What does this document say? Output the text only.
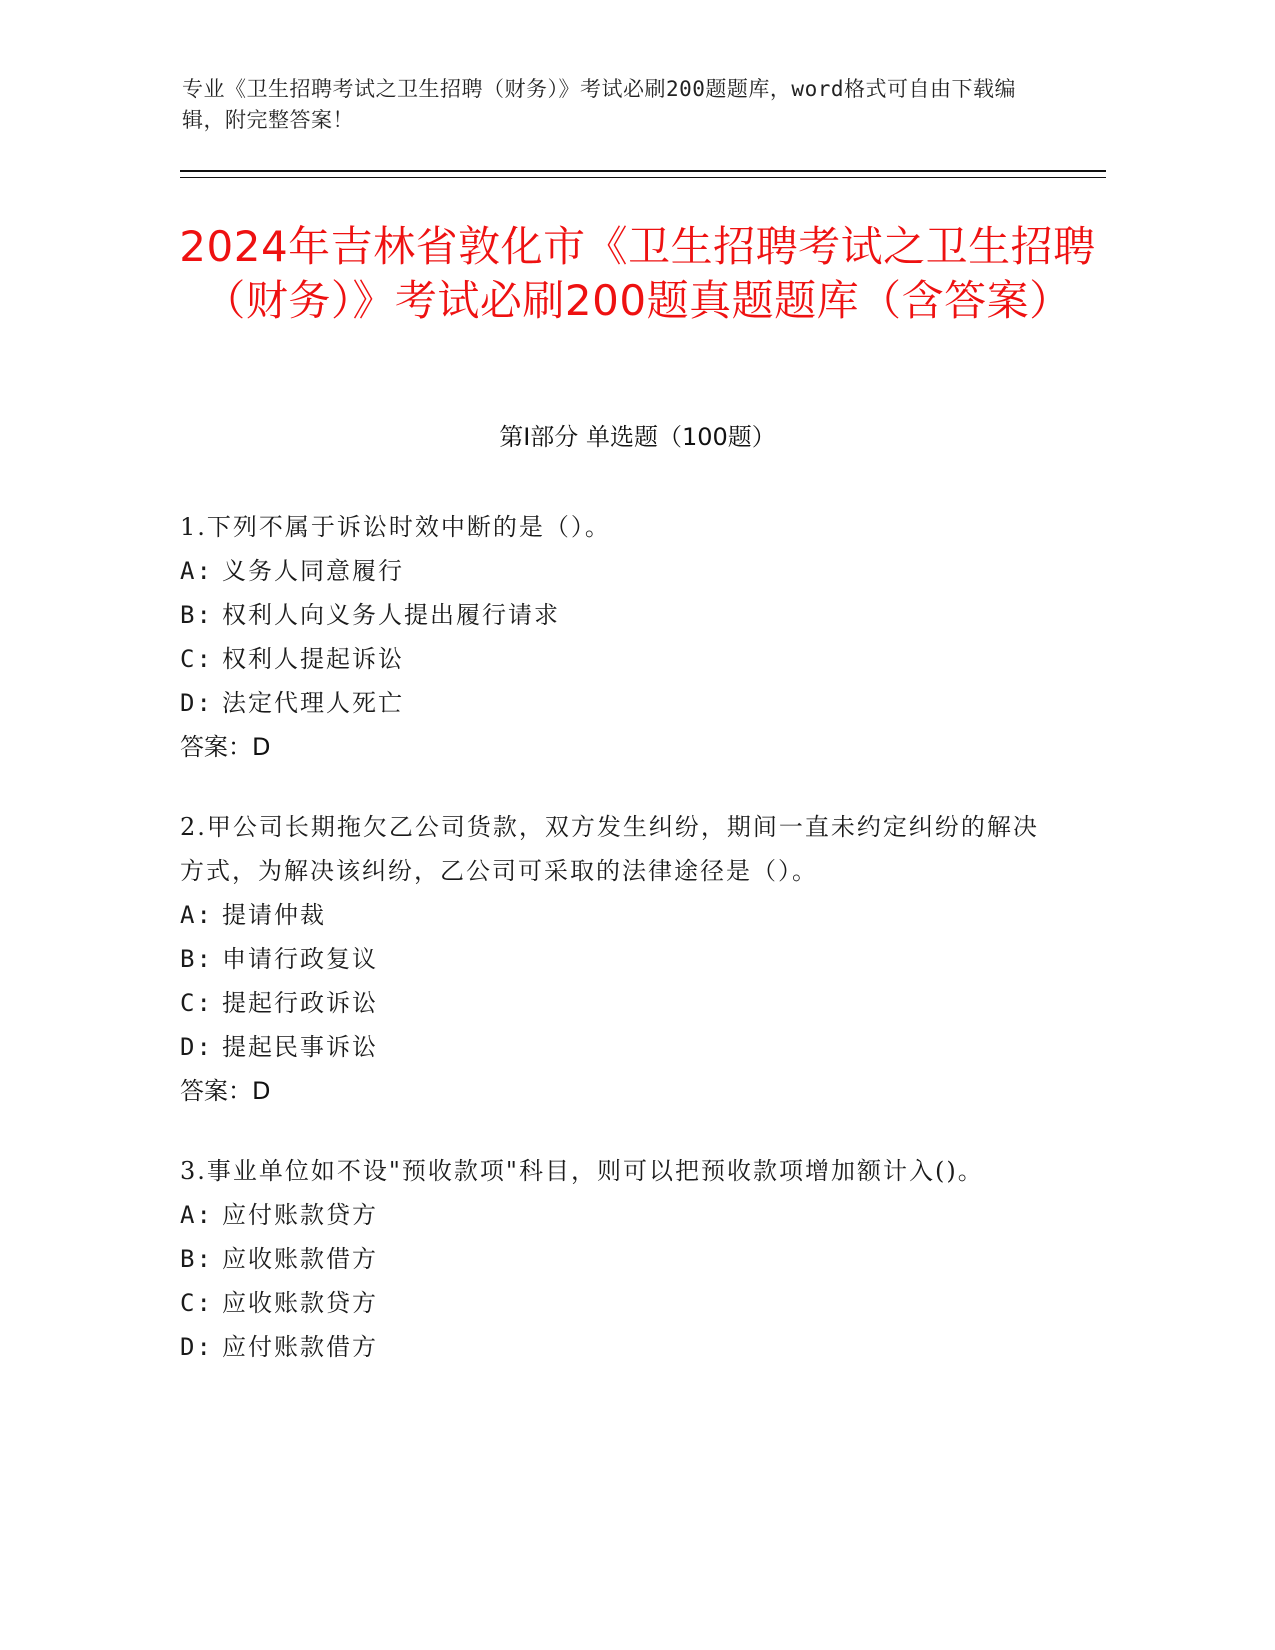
专业《卫生招聘考试之卫生招聘（财务）》考试必刷200题题库，word格式可自由下载编辑，附完整答案！
2024年吉林省敦化市《卫生招聘考试之卫生招聘（财务）》考试必刷200题真题题库（含答案）
第Ⅰ部分 单选题（100题）
1.下列不属于诉讼时效中断的是（）。
A: 义务人同意履行
B: 权利人向义务人提出履行请求
C: 权利人提起诉讼
D: 法定代理人死亡
答案：D
2.甲公司长期拖欠乙公司货款，双方发生纠纷，期间一直未约定纠纷的解决方式，为解决该纠纷，乙公司可采取的法律途径是（）。
A: 提请仲裁
B: 申请行政复议
C: 提起行政诉讼
D: 提起民事诉讼
答案：D
3.事业单位如不设"预收款项"科目，则可以把预收款项增加额计入()。
A: 应付账款贷方
B: 应收账款借方
C: 应收账款贷方
D: 应付账款借方
